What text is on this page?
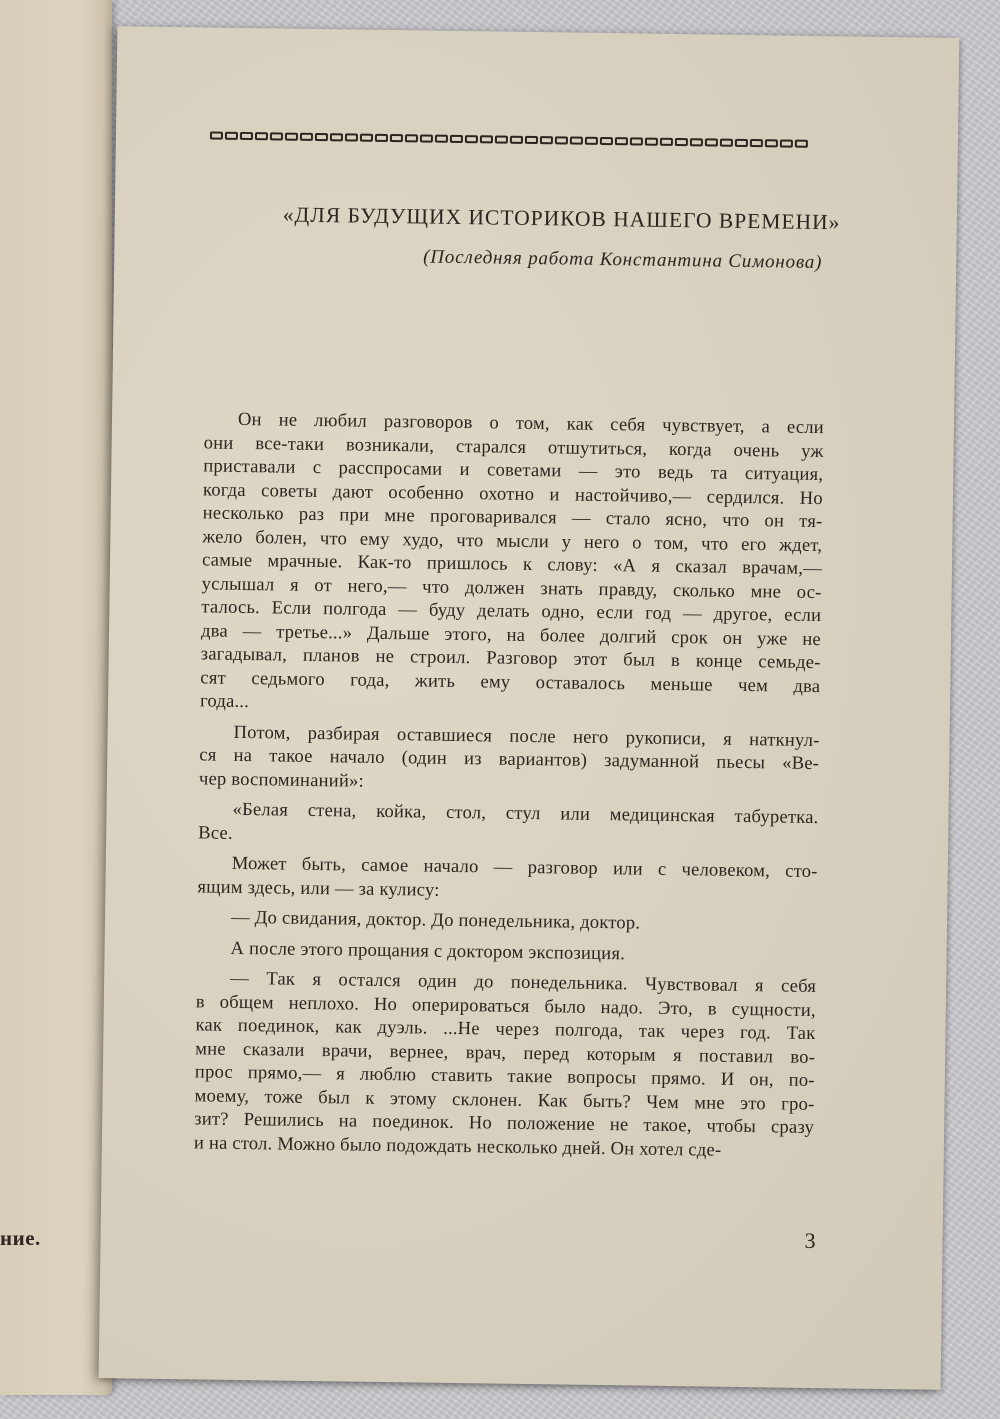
ние.
«ДЛЯ БУДУЩИХ ИСТОРИКОВ НАШЕГО ВРЕМЕНИ»

(Последняя работа Константина Симонова)

Он не любил разговоров о том, как себя чувствует, а если
они все-таки возникали, старался отшутиться, когда очень уж
приставали с расспросами и советами — это ведь та ситуация,
когда советы дают особенно охотно и настойчиво,— сердился. Но
несколько раз при мне проговаривался — стало ясно, что он тя-
жело болен, что ему худо, что мысли у него о том, что его ждет,
самые мрачные. Как-то пришлось к слову: «А я сказал врачам,—
услышал я от него,— что должен знать правду, сколько мне ос-
талось. Если полгода — буду делать одно, если год — другое, если
два — третье...» Дальше этого, на более долгий срок он уже не
загадывал, планов не строил. Разговор этот был в конце семьде-
сят седьмого года, жить ему оставалось меньше чем два
года...
Потом, разбирая оставшиеся после него рукописи, я наткнул-
ся на такое начало (один из вариантов) задуманной пьесы «Ве-
чер воспоминаний»:
«Белая стена, койка, стол, стул или медицинская табуретка.
Все.
Может быть, самое начало — разговор или с человеком, сто-
ящим здесь, или — за кулису:
— До свидания, доктор. До понедельника, доктор.
А после этого прощания с доктором экспозиция.
— Так я остался один до понедельника. Чувствовал я себя
в общем неплохо. Но оперироваться было надо. Это, в сущности,
как поединок, как дуэль. ...Не через полгода, так через год. Так
мне сказали врачи, вернее, врач, перед которым я поставил во-
прос прямо,— я люблю ставить такие вопросы прямо. И он, по-
моему, тоже был к этому склонен. Как быть? Чем мне это гро-
зит? Решились на поединок. Но положение не такое, чтобы сразу
и на стол. Можно было подождать несколько дней. Он хотел сде-

3
